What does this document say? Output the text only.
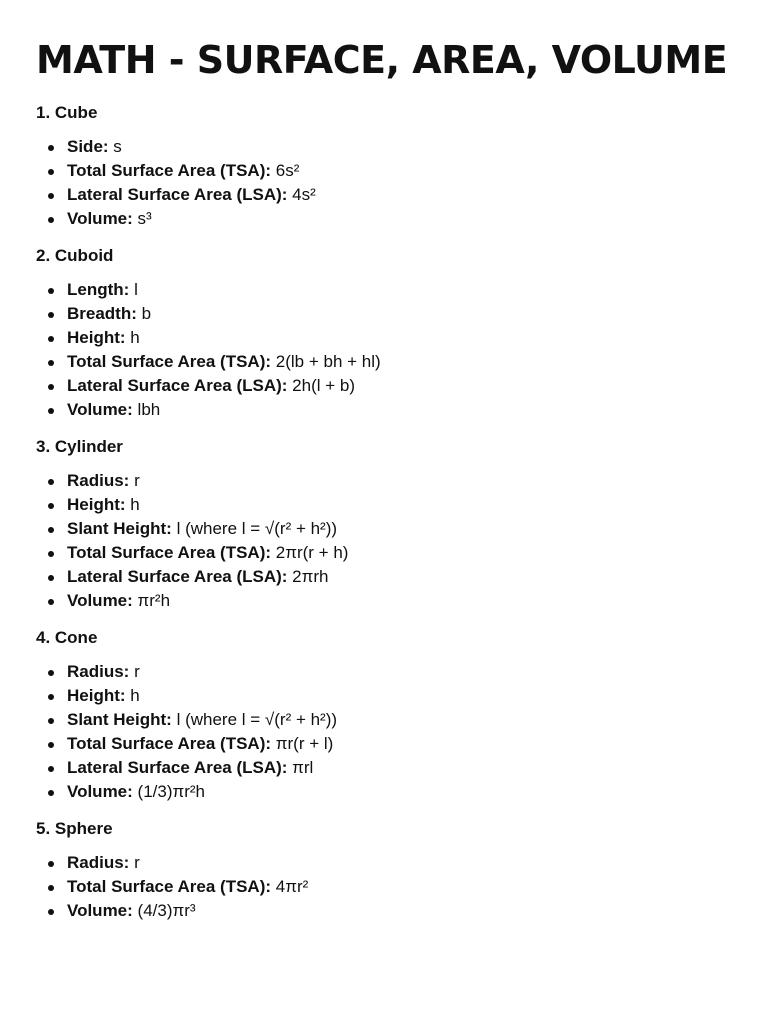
MATH - SURFACE, AREA, VOLUME
1. Cube
Side: s
Total Surface Area (TSA): 6s²
Lateral Surface Area (LSA): 4s²
Volume: s³
2. Cuboid
Length: l
Breadth: b
Height: h
Total Surface Area (TSA): 2(lb + bh + hl)
Lateral Surface Area (LSA): 2h(l + b)
Volume: lbh
3. Cylinder
Radius: r
Height: h
Slant Height: l (where l = √(r² + h²))
Total Surface Area (TSA): 2πr(r + h)
Lateral Surface Area (LSA): 2πrh
Volume: πr²h
4. Cone
Radius: r
Height: h
Slant Height: l (where l = √(r² + h²))
Total Surface Area (TSA): πr(r + l)
Lateral Surface Area (LSA): πrl
Volume: (1/3)πr²h
5. Sphere
Radius: r
Total Surface Area (TSA): 4πr²
Volume: (4/3)πr³
